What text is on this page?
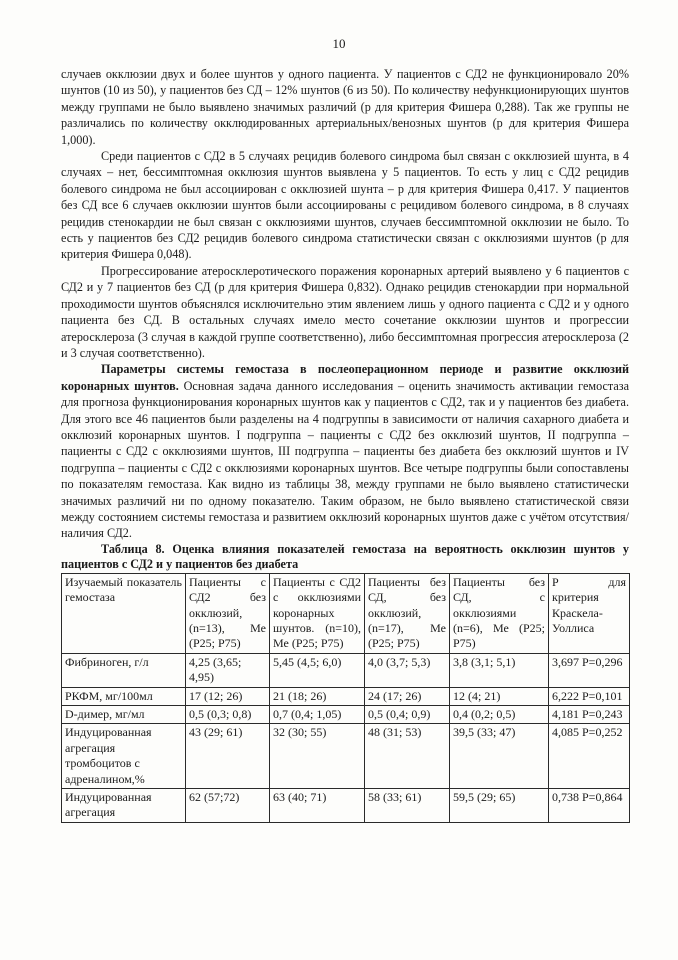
10

случаев окклюзии двух и более шунтов у одного пациента. У пациентов с СД2 не функционировало 20% шунтов (10 из 50), у пациентов без СД – 12% шунтов (6 из 50). По количеству нефункционирующих шунтов между группами не было выявлено значимых различий (р для критерия Фишера 0,288). Так же группы не различались по количеству окклюдированных артериальных/венозных шунтов (р для критерия Фишера 1,000).

Среди пациентов с СД2 в 5 случаях рецидив болевого синдрома был связан с окклюзией шунта, в 4 случаях – нет, бессимптомная окклюзия шунтов выявлена у 5 пациентов. То есть у лиц с СД2 рецидив болевого синдрома не был ассоциирован с окклюзией шунта – р для критерия Фишера 0,417. У пациентов без СД все 6 случаев окклюзии шунтов были ассоциированы с рецидивом болевого синдрома, в 8 случаях рецидив стенокардии не был связан с окклюзиями шунтов, случаев бессимптомной окклюзии не было. То есть у пациентов без СД2 рецидив болевого синдрома статистически связан с окклюзиями шунтов (р для критерия Фишера 0,048).

Прогрессирование атеросклеротического поражения коронарных артерий выявлено у 6 пациентов с СД2 и у 7 пациентов без СД (р для критерия Фишера 0,832). Однако рецидив стенокардии при нормальной проходимости шунтов объяснялся исключительно этим явлением лишь у одного пациента с СД2 и у одного пациента без СД. В остальных случаях имело место сочетание окклюзии шунтов и прогрессии атеросклероза (3 случая в каждой группе соответственно), либо бессимптомная прогрессия атеросклероза (2 и 3 случая соответственно).

Параметры системы гемостаза в послеоперационном периоде и развитие окклюзий коронарных шунтов. Основная задача данного исследования – оценить значимость активации гемостаза для прогноза функционирования коронарных шунтов как у пациентов с СД2, так и у пациентов без диабета. Для этого все 46 пациентов были разделены на 4 подгруппы в зависимости от наличия сахарного диабета и окклюзий коронарных шунтов. I подгруппа – пациенты с СД2 без окклюзий шунтов, II подгруппа – пациенты с СД2 с окклюзиями шунтов, III подгруппа – пациенты без диабета без окклюзий шунтов и IV подгруппа – пациенты с СД2 с окклюзиями коронарных шунтов. Все четыре подгруппы были сопоставлены по показателям гемостаза. Как видно из таблицы 38, между группами не было выявлено статистически значимых различий ни по одному показателю. Таким образом, не было выявлено статистической связи между состоянием системы гемостаза и развитием окклюзий коронарных шунтов даже с учётом отсутствия/наличия СД2.

Таблица 8. Оценка влияния показателей гемостаза на вероятность окклюзин шунтов у пациентов с СД2 и у пациентов без диабета

Изучаемый показатель гемостаза	Пациенты с СД2 без окклюзий, (n=13), Ме (P25; P75)	Пациенты с СД2 с окклюзиями коронарных шунтов. (n=10), Ме (P25; P75)	Пациенты без СД, без окклюзий, (n=17), Ме (P25; P75)	Пациенты без СД, с окклюзиями (n=6), Ме (P25; P75)	P для критерия Краскела-Уоллиса
Фибриноген, г/л	4,25 (3,65; 4,95)	5,45 (4,5; 6,0)	4,0 (3,7; 5,3)	3,8 (3,1; 5,1)	3,697 P=0,296
РКФМ, мг/100мл	17 (12; 26)	21 (18; 26)	24 (17; 26)	12 (4; 21)	6,222 P=0,101
D-димер, мг/мл	0,5 (0,3; 0,8)	0,7 (0,4; 1,05)	0,5 (0,4; 0,9)	0,4 (0,2; 0,5)	4,181 P=0,243
Индуцированная агрегация тромбоцитов с адреналином,%	43 (29; 61)	32 (30; 55)	48 (31; 53)	39,5 (33; 47)	4,085 P=0,252
Индуцированная агрегация	62 (57;72)	63 (40; 71)	58 (33; 61)	59,5 (29; 65)	0,738 P=0,864
